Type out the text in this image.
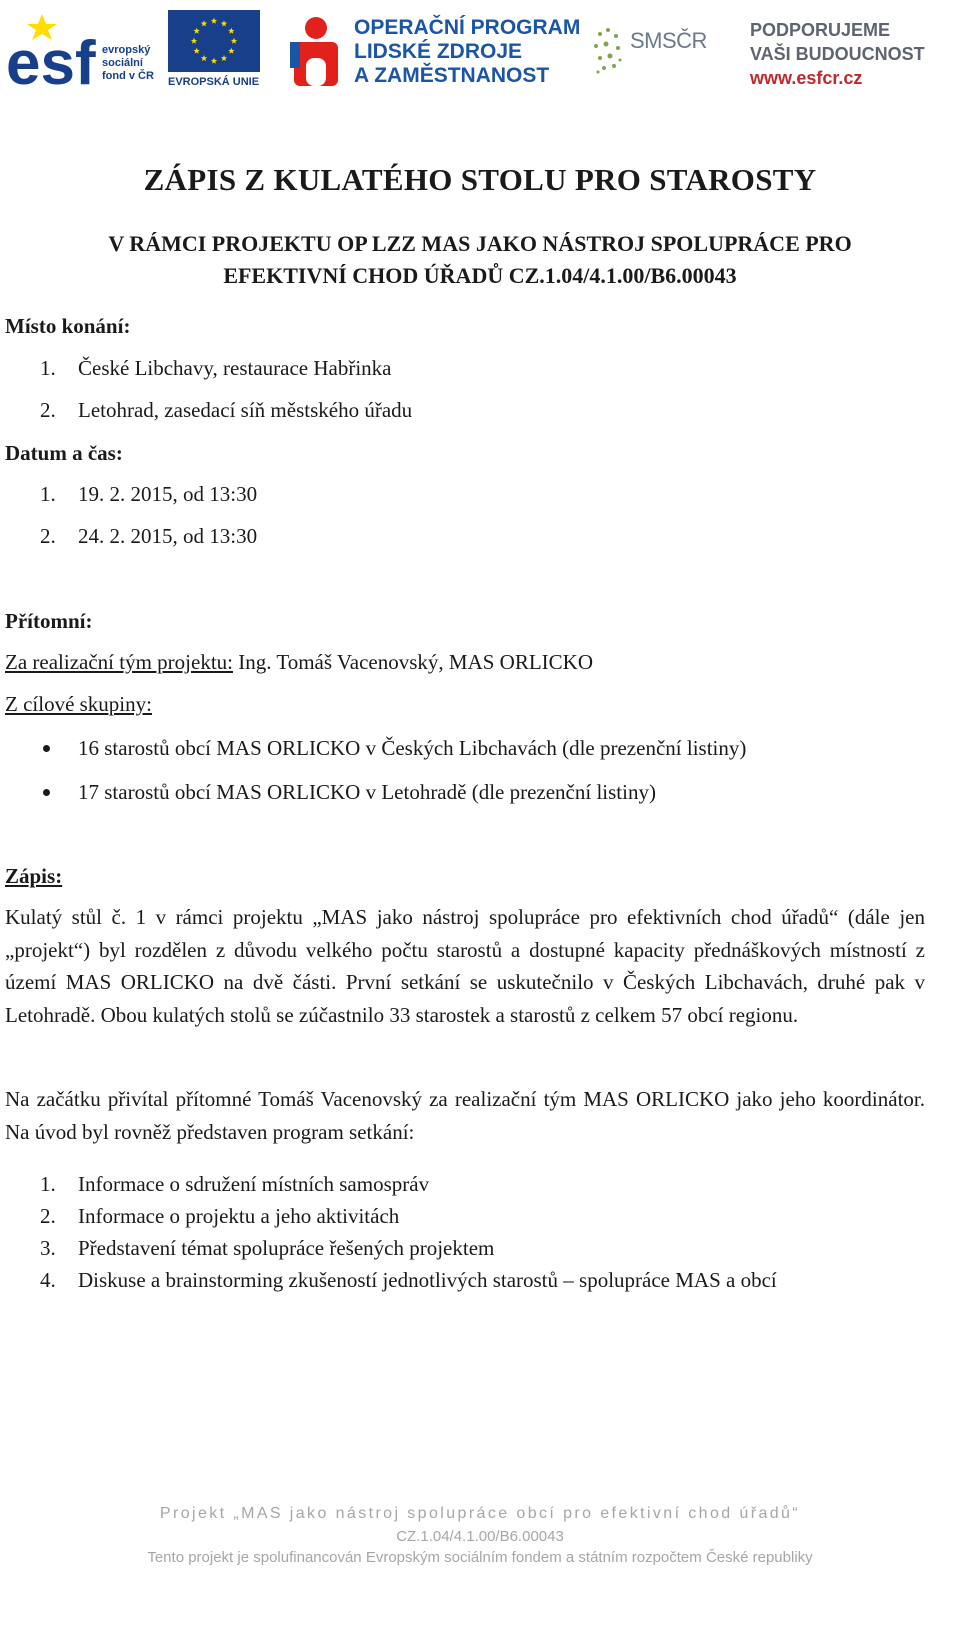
esf evropský
sociální
fond v ČR EVROPSKÁ UNIE
OPERAČNÍ PROGRAM
LIDSKÉ ZDROJE
A ZAMĚSTNANOST
SMSČR PODPORUJEME
VAŠI BUDOUCNOST
www.esfcr.cz
ZÁPIS Z KULATÉHO STOLU PRO STAROSTY
V RÁMCI PROJEKTU OP LZZ MAS JAKO NÁSTROJ SPOLUPRÁCE PRO
EFEKTIVNÍ CHOD ÚŘADŮ CZ.1.04/4.1.00/B6.00043
Místo konání:
1. České Libchavy, restaurace Habřinka
2. Letohrad, zasedací síň městského úřadu
Datum a čas:
1. 19. 2. 2015, od 13:30
2. 24. 2. 2015, od 13:30
Přítomní:
Za realizační tým projektu: Ing. Tomáš Vacenovský, MAS ORLICKO
Z cílové skupiny:
16 starostů obcí MAS ORLICKO v Českých Libchavách (dle prezenční listiny)
17 starostů obcí MAS ORLICKO v Letohradě (dle prezenční listiny)
Zápis:
Kulatý stůl č. 1 v rámci projektu „MAS jako nástroj spolupráce pro efektivních chod úřadů“ (dále jen „projekt“) byl rozdělen z důvodu velkého počtu starostů a dostupné kapacity přednáškových místností z území MAS ORLICKO na dvě části. První setkání se uskutečnilo v Českých Libchavách, druhé pak v Letohradě. Obou kulatých stolů se zúčastnilo 33 starostek a starostů z celkem 57 obcí regionu.
Na začátku přivítal přítomné Tomáš Vacenovský za realizační tým MAS ORLICKO jako jeho koordinátor. Na úvod byl rovněž představen program setkání:
1. Informace o sdružení místních samospráv
2. Informace o projektu a jeho aktivitách
3. Představení témat spolupráce řešených projektem
4. Diskuse a brainstorming zkušeností jednotlivých starostů – spolupráce MAS a obcí
Projekt „MAS jako nástroj spolupráce obcí pro efektivní chod úřadů“
CZ.1.04/4.1.00/B6.00043
Tento projekt je spolufinancován Evropským sociálním fondem a státním rozpočtem České republiky
